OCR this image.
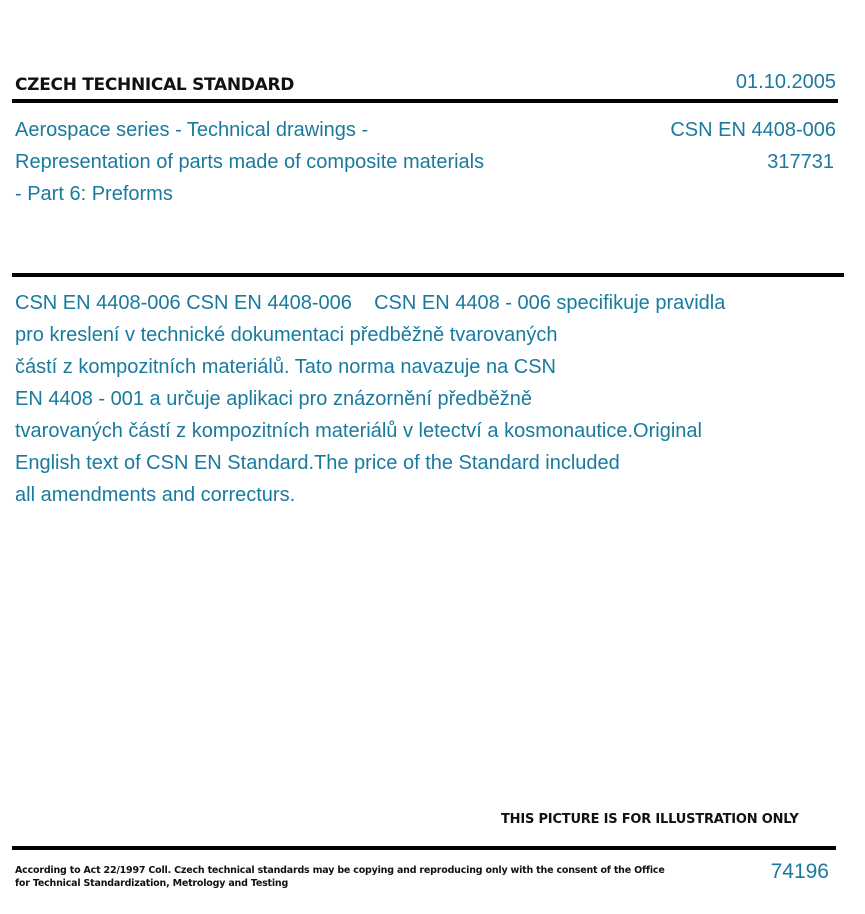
CZECH TECHNICAL STANDARD	01.10.2005
Aerospace series - Technical drawings - Representation of parts made of composite materials - Part 6: Preforms
CSN EN 4408-006
317731
CSN EN 4408-006 CSN EN 4408-006    CSN EN 4408 - 006 specifikuje pravidla
pro kreslení v technické dokumentaci předběžně tvarovaných
částí z kompozitních materiálů. Tato norma navazuje na CSN
EN 4408 - 001 a určuje aplikaci pro znázornění předběžně
tvarovaných částí z kompozitních materiálů v letectví a kosmonautice.Original
English text of CSN EN Standard.The price of the Standard included
all amendments and correcturs.
THIS PICTURE IS FOR ILLUSTRATION ONLY
According to Act 22/1997 Coll. Czech technical standards may be copying and reproducing only with the consent of the Office
for Technical Standardization, Metrology and Testing
74196
